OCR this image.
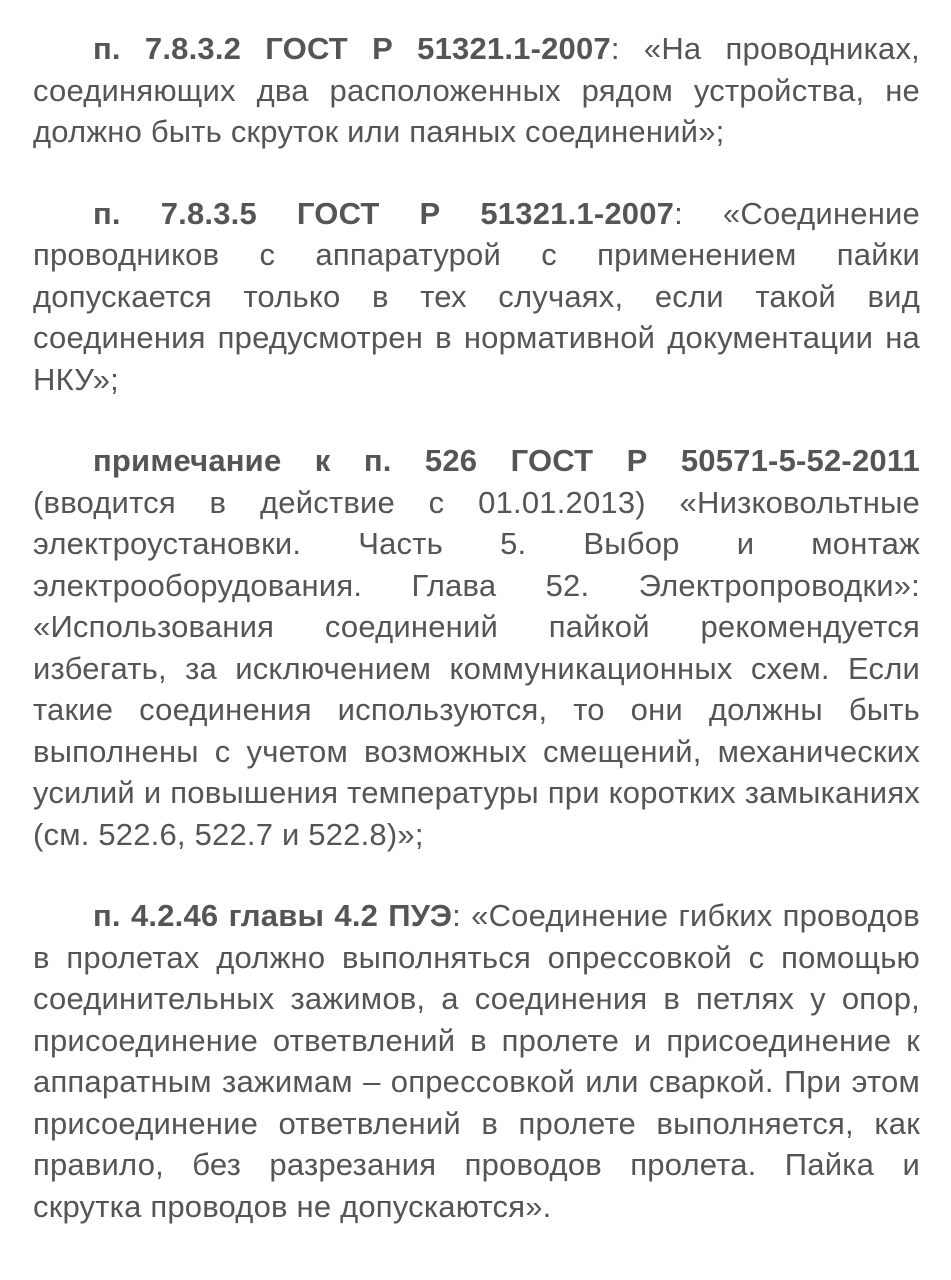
п. 7.8.3.2 ГОСТ Р 51321.1-2007: «На проводниках, соединяющих два расположенных рядом устройства, не должно быть скруток или паяных соединений»;

п. 7.8.3.5 ГОСТ Р 51321.1-2007: «Соединение проводников с аппаратурой с применением пайки допускается только в тех случаях, если такой вид соединения предусмотрен в нормативной документации на НКУ»;

примечание к п. 526 ГОСТ Р 50571-5-52-2011 (вводится в действие с 01.01.2013) «Низковольтные электроустановки. Часть 5. Выбор и монтаж электрооборудования. Глава 52. Электропроводки»: «Использования соединений пайкой рекомендуется избегать, за исключением коммуникационных схем. Если такие соединения используются, то они должны быть выполнены с учетом возможных смещений, механических усилий и повышения температуры при коротких замыканиях (см. 522.6, 522.7 и 522.8)»;

п. 4.2.46 главы 4.2 ПУЭ: «Соединение гибких проводов в пролетах должно выполняться опрессовкой с помощью соединительных зажимов, а соединения в петлях у опор, присоединение ответвлений в пролете и присоединение к аппаратным зажимам – опрессовкой или сваркой. При этом присоединение ответвлений в пролете выполняется, как правило, без разрезания проводов пролета. Пайка и скрутка проводов не допускаются».
